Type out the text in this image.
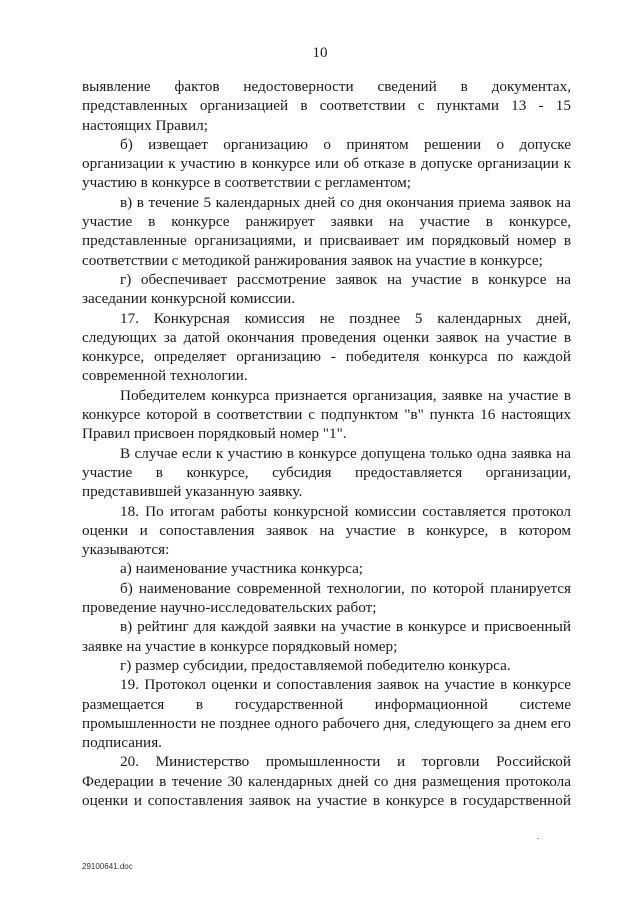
10

выявление фактов недостоверности сведений в документах, представленных организацией в соответствии с пунктами 13 - 15 настоящих Правил;

б) извещает организацию о принятом решении о допуске организации к участию в конкурсе или об отказе в допуске организации к участию в конкурсе в соответствии с регламентом;

в) в течение 5 календарных дней со дня окончания приема заявок на участие в конкурсе ранжирует заявки на участие в конкурсе, представленные организациями, и присваивает им порядковый номер в соответствии с методикой ранжирования заявок на участие в конкурсе;

г) обеспечивает рассмотрение заявок на участие в конкурсе на заседании конкурсной комиссии.

17. Конкурсная комиссия не позднее 5 календарных дней, следующих за датой окончания проведения оценки заявок на участие в конкурсе, определяет организацию - победителя конкурса по каждой современной технологии.

Победителем конкурса признается организация, заявке на участие в конкурсе которой в соответствии с подпунктом "в" пункта 16 настоящих Правил присвоен порядковый номер "1".

В случае если к участию в конкурсе допущена только одна заявка на участие в конкурсе, субсидия предоставляется организации, представившей указанную заявку.

18. По итогам работы конкурсной комиссии составляется протокол оценки и сопоставления заявок на участие в конкурсе, в котором указываются:

а) наименование участника конкурса;

б) наименование современной технологии, по которой планируется проведение научно-исследовательских работ;

в) рейтинг для каждой заявки на участие в конкурсе и присвоенный заявке на участие в конкурсе порядковый номер;

г) размер субсидии, предоставляемой победителю конкурса.

19. Протокол оценки и сопоставления заявок на участие в конкурсе размещается в государственной информационной системе промышленности не позднее одного рабочего дня, следующего за днем его подписания.

20. Министерство промышленности и торговли Российской Федерации в течение 30 календарных дней со дня размещения протокола оценки и сопоставления заявок на участие в конкурсе в государственной

29100641.doc
